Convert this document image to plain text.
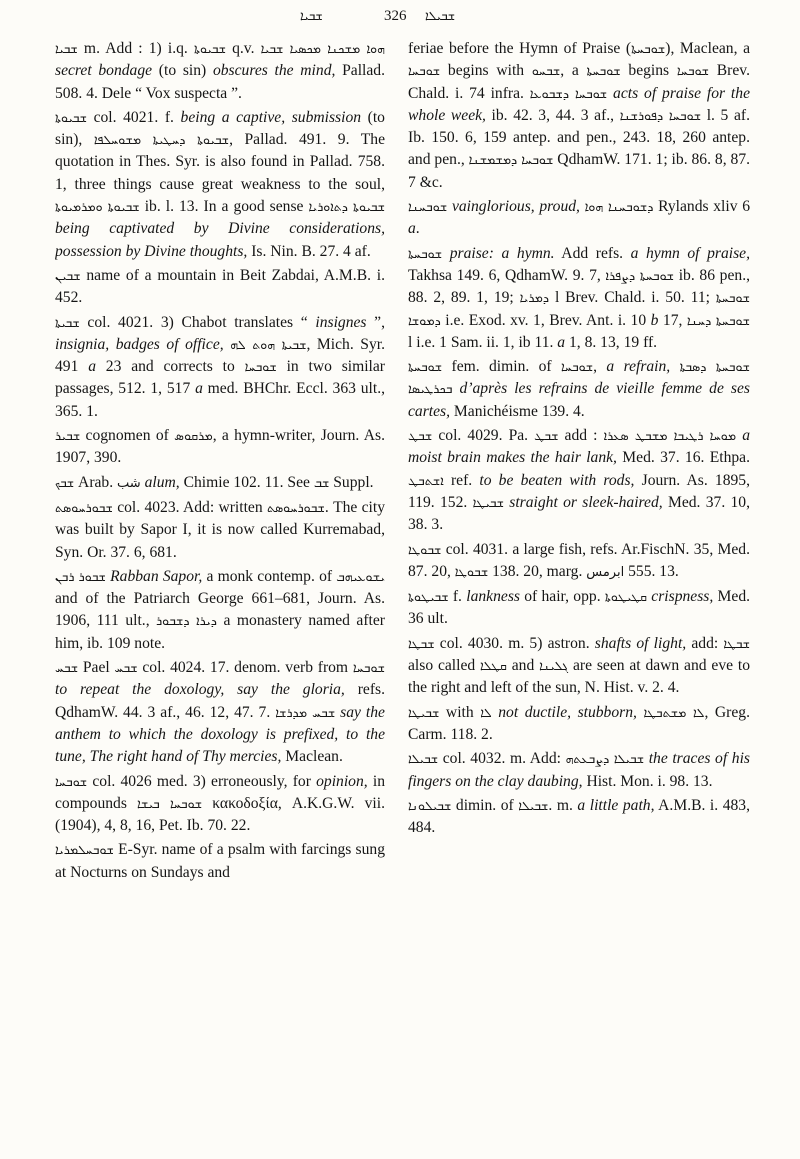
ܫܒܝܐ	326 ܫܒܝܠܐ

ܫܒܝܐ m. Add : 1) i.q. ܫܒܝܘܬܐ q.v. ܫܒܝܐ ܗܘܐ ܡܫܟܢܐ ܡܟܣܝܐ secret bondage (to sin) obscures the mind, Pallad. 508. 4. Dele “ Vox suspecta ”.

ܫܒܝܘܬܐ col. 4021. f. being a captive, submission (to sin), ܫܒܝܘܬܐ ܕܚܛܝܬܐ ܡܫܘܚܠܦܐ, Pallad. 491. 9. The quotation in Thes. Syr. is also found in Pallad. 758. 1, three things cause great weakness to the soul, ܫܒܝܘܬܐ ܘܡܪܡܝܘܬܐ ib. l. 13. In a good sense ܫܒܝܘܬܐ ܕܬܐܘܪܝܐ being captivated by Divine considerations, possession by Divine thoughts, Is. Nin. B. 27. 4 af.

ܫܒܝܢ name of a mountain in Beit Zabdai, A.M.B. i. 452.

ܫܒܝܬܐ col. 4021. 3) Chabot translates “ insignes ”, insignia, badges of office, ܫܒܝܬܐ ܗܘܬ ܠܗ, Mich. Syr. 491 a 23 and corrects to ܫܘܒܚܐ in two similar passages, 512. 1, 517 a med. BHChr. Eccl. 363 ult., 365. 1.

ܫܒܝܪ cognomen of ܡܪܩܘܣ, a hymn-writer, Journ. As. 1907, 390.

ܫܒܟ Arab. شب alum, Chimie 102. 11. See ܫܒ Suppl.

ܫܒܘܪܚܘܣܬ col. 4023. Add: written ܫܒܘܪܚܘܣܬ. The city was built by Sapor I, it is now called Kurremabad, Syn. Or. 37. 6, 681.

ܫܒܘܪ ܪܒܢ Rabban Sapor, a monk contemp. of ܝܫܘܥܝܗܒ and of the Patriarch George 661–681, Journ. As. 1906, 111 ult., ܕܝܪܐ ܕܫܒܘܪ a monastery named after him, ib. 109 note.

ܫܒܚ Pael ܫܒܚ col. 4024. 17. denom. verb from ܫܘܒܚܐ to repeat the doxology, say the gloria, refs. QdhamW. 44. 3 af., 46. 12, 47. 7. ܫܒܚ ܡܕܪܫܐ say the anthem to which the doxology is prefixed, to the tune, The right hand of Thy mercies, Maclean.

ܫܘܒܚܐ col. 4026 med. 3) erroneously, for opinion, in compounds ܫܘܒܚܐ ܒܝܫܐ κακοδοξία, A.K.G.W. vii. (1904), 4, 8, 16, Pet. Ib. 70. 22.

ܫܘܒܚܠܡܪܝܐ E-Syr. name of a psalm with farcings sung at Nocturns on Sundays and

feriae before the Hymn of Praise (ܫܘܒܚܬܐ), Maclean, a ܫܘܒܚܐ begins with ܫܒܚܘ, a ܫܘܒܚܬܐ begins ܫܘܒܚܐ Brev. Chald. i. 74 infra. ܫܘܒܚܐ ܕܫܒܘܥܐ acts of praise for the whole week, ib. 42. 3, 44. 3 af., ܫܘܒܚܐ ܕܦܘܪܫܢܐ l. 5 af. Ib. 150. 6, 159 antep. and pen., 243. 18, 260 antep. and pen., ܫܘܒܚܐ ܕܡܫܡܫܢܐ QdhamW. 171. 1; ib. 86. 8, 87. 7 &c.

ܫܘܒܚܢܐ vainglorious, proud, ܕܫܘܒܚܢܐ ܗܘܐ Rylands xliv 6 a.

ܫܘܒܚܬܐ praise: a hymn. Add refs. a hymn of praise, Takhsa 149. 6, QdhamW. 9. 7, ܫܘܒܚܬܐ ܕܨܦܪܐ ib. 86 pen., 88. 2, 89. 1, 19; ܕܡܪܝܐ l Brev. Chald. i. 50. 11; ܫܘܒܚܬܐ ܕܡܘܫܐ i.e. Exod. xv. 1, Brev. Ant. i. 10 b 17, ܫܘܒܚܬܐ ܕܚܢܐ l i.e. 1 Sam. ii. 1, ib 11. a 1, 8. 13, 19 ff.

ܫܘܒܚܬܐ fem. dimin. of ܫܘܒܚܐ, a refrain, ܫܘܒܚܬܐ ܕܣܒܬܐ ܒܟܪܛܝܣܐ d’après les refrains de vieille femme de ses cartes, Manichéisme 139. 4.

ܫܒܛ col. 4029. Pa. ܫܒܛ add : ܡܘܚܐ ܪܛܝܒܐ ܡܫܒܛ ܣܥܪܐ a moist brain makes the hair lank, Med. 37. 16. Ethpa. ܐܫܬܒܛ ref. to be beaten with rods, Journ. As. 1895, 119. 152. ܫܒܝܛܐ straight or sleek-haired, Med. 37. 10, 38. 3.

ܫܒܘܛܐ col. 4031. a large fish, refs. Ar.FischN. 35, Med. 87. 20, ܫܒܘܛܐ 138. 20, marg. ابرمس 555. 13.

ܫܒܝܛܘܬܐ f. lankness of hair, opp. ܩܛܝܛܘܬܐ crispness, Med. 36 ult.

ܫܒܛܐ col. 4030. m. 5) astron. shafts of light, add: ܫܒܛܐ also called ܩܛܠܐ and ܓܠܝܢܐ are seen at dawn and eve to the right and left of the sun, N. Hist. v. 2. 4.

ܫܒܝܛܐ with ܠܐ not ductile, stubborn, ܠܐ ܡܫܬܒܛܐ, Greg. Carm. 118. 2.

ܫܒܝܠܐ col. 4032. m. Add: ܫܒܝܠܐ ܕܨܒܥܬܗ the traces of his fingers on the clay daubing, Hist. Mon. i. 98. 13.

ܫܒܝܠܘܢܐ dimin. of ܫܒܝܠܐ. m. a little path, A.M.B. i. 483, 484.
